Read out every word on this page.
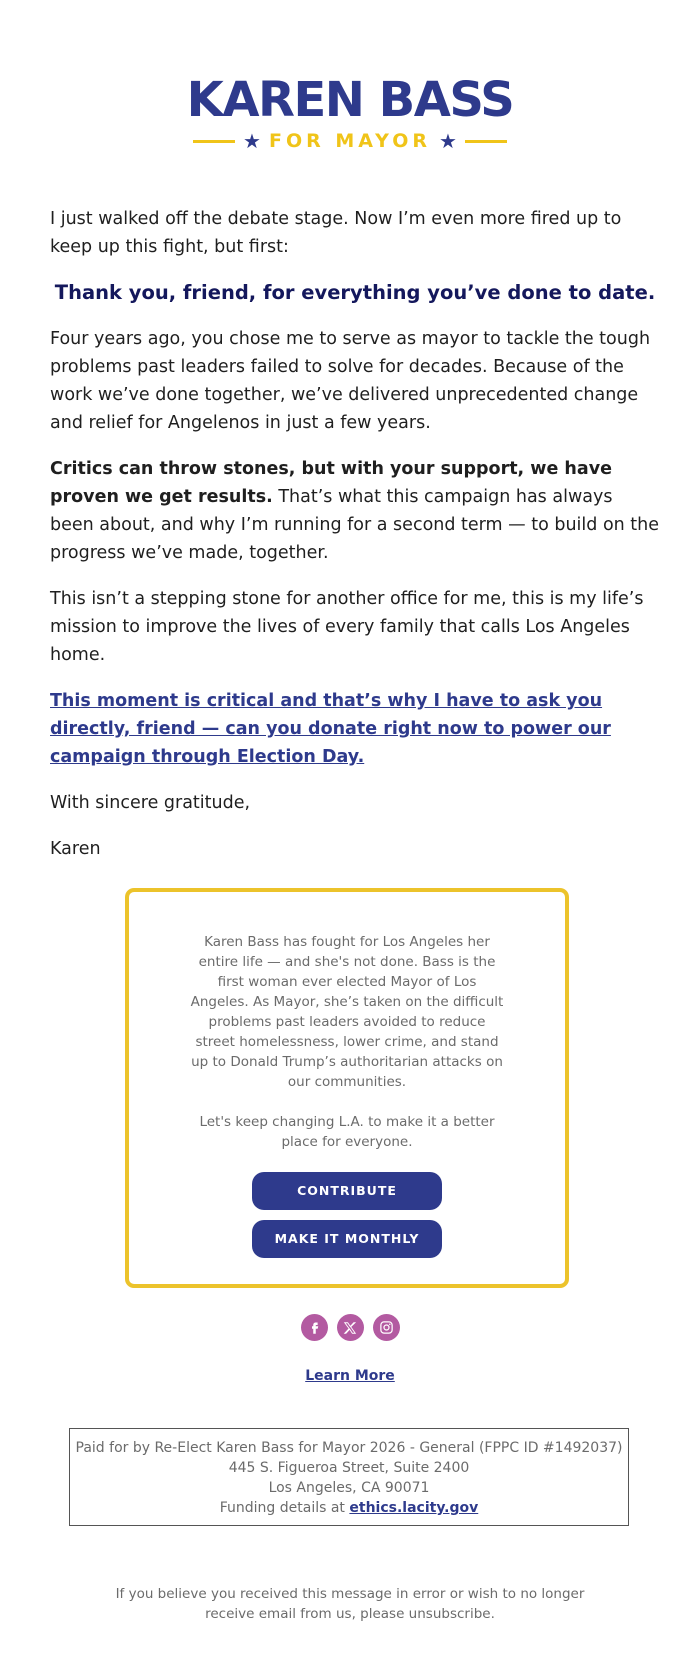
KAREN BASS
★ FOR MAYOR ★

I just walked off the debate stage. Now I’m even more fired up to keep up this fight, but first:

Thank you, friend, for everything you’ve done to date.

Four years ago, you chose me to serve as mayor to tackle the tough problems past leaders failed to solve for decades. Because of the work we’ve done together, we’ve delivered unprecedented change and relief for Angelenos in just a few years.

Critics can throw stones, but with your support, we have proven we get results. That’s what this campaign has always been about, and why I’m running for a second term — to build on the progress we’ve made, together.

This isn’t a stepping stone for another office for me, this is my life’s mission to improve the lives of every family that calls Los Angeles home.

This moment is critical and that’s why I have to ask you directly, friend — can you donate right now to power our campaign through Election Day.

With sincere gratitude,

Karen

Karen Bass has fought for Los Angeles her entire life — and she's not done. Bass is the first woman ever elected Mayor of Los Angeles. As Mayor, she’s taken on the difficult problems past leaders avoided to reduce street homelessness, lower crime, and stand up to Donald Trump’s authoritarian attacks on our communities.

Let's keep changing L.A. to make it a better place for everyone.

CONTRIBUTE
MAKE IT MONTHLY
Learn More
Paid for by Re-Elect Karen Bass for Mayor 2026 - General (FPPC ID #1492037)
445 S. Figueroa Street, Suite 2400
Los Angeles, CA 90071
Funding details at ethics.lacity.gov
If you believe you received this message in error or wish to no longer receive email from us, please unsubscribe.
